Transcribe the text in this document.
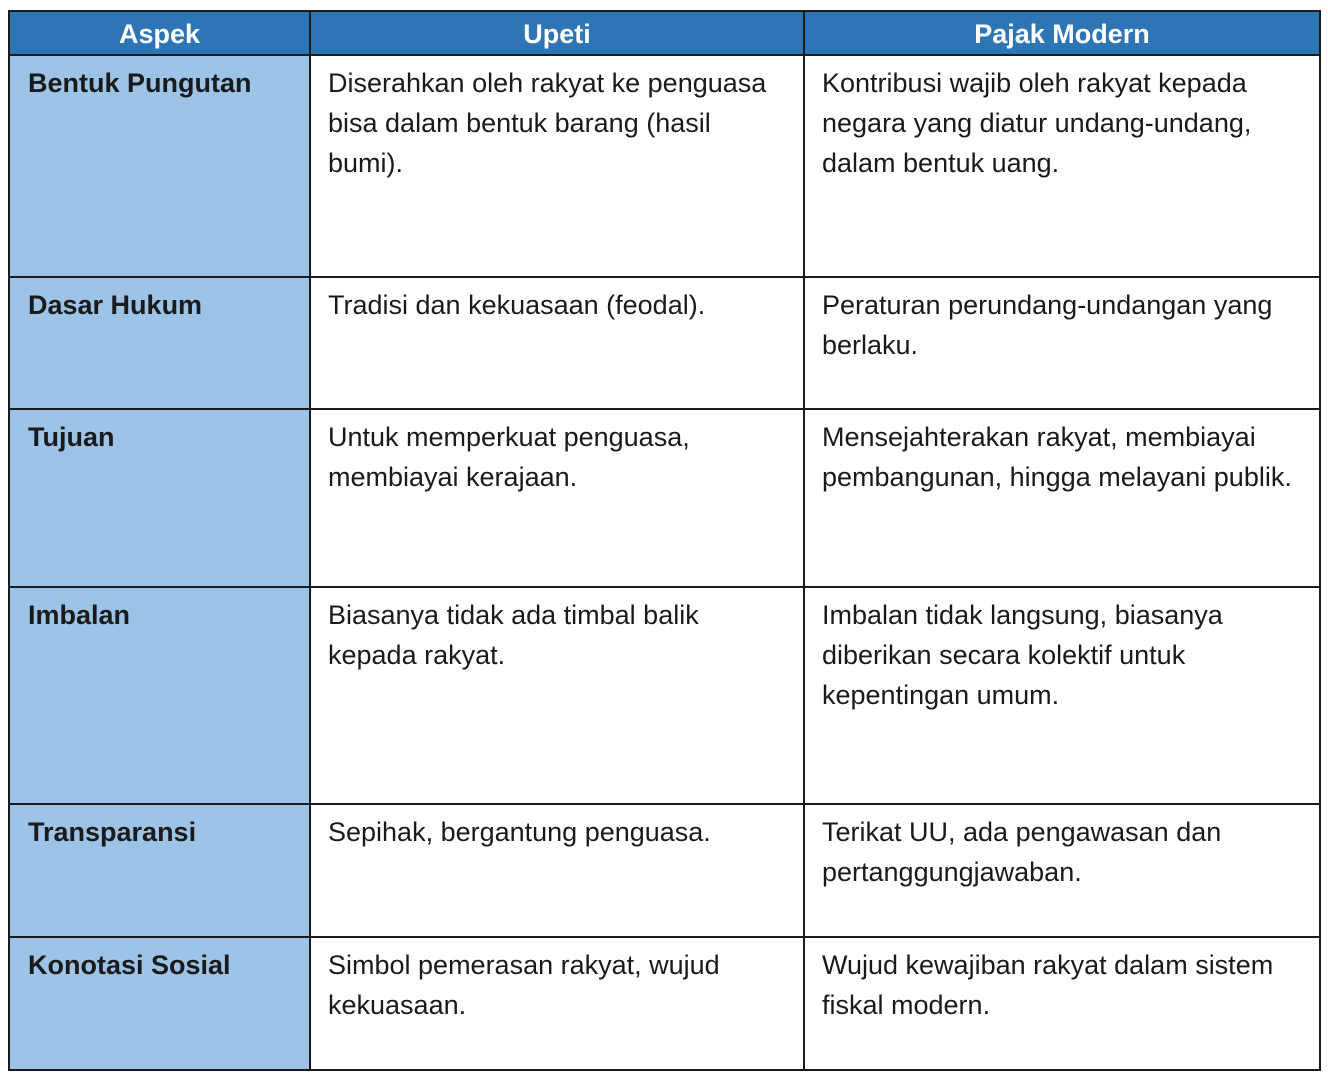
Aspek	Upeti	Pajak Modern
Bentuk Pungutan	Diserahkan oleh rakyat ke penguasa bisa dalam bentuk barang (hasil bumi).	Kontribusi wajib oleh rakyat kepada negara yang diatur undang-undang, dalam bentuk uang.
Dasar Hukum	Tradisi dan kekuasaan (feodal).	Peraturan perundang-undangan yang berlaku.
Tujuan	Untuk memperkuat penguasa, membiayai kerajaan.	Mensejahterakan rakyat, membiayai pembangunan, hingga melayani publik.
Imbalan	Biasanya tidak ada timbal balik kepada rakyat.	Imbalan tidak langsung, biasanya diberikan secara kolektif untuk kepentingan umum.
Transparansi	Sepihak, bergantung penguasa.	Terikat UU, ada pengawasan dan pertanggungjawaban.
Konotasi Sosial	Simbol pemerasan rakyat, wujud kekuasaan.	Wujud kewajiban rakyat dalam sistem fiskal modern.
